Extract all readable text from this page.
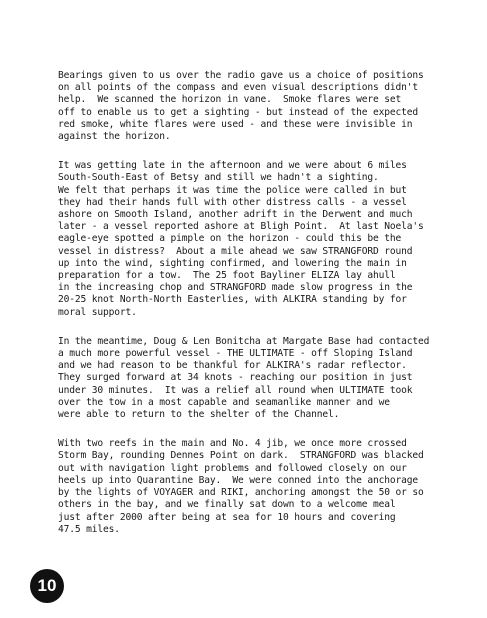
Bearings given to us over the radio gave us a choice of positions
on all points of the compass and even visual descriptions didn't
help.  We scanned the horizon in vane.  Smoke flares were set
off to enable us to get a sighting - but instead of the expected
red smoke, white flares were used - and these were invisible in
against the horizon.
It was getting late in the afternoon and we were about 6 miles
South-South-East of Betsy and still we hadn't a sighting.
We felt that perhaps it was time the police were called in but
they had their hands full with other distress calls - a vessel
ashore on Smooth Island, another adrift in the Derwent and much
later - a vessel reported ashore at Bligh Point.  At last Noela's
eagle-eye spotted a pimple on the horizon - could this be the
vessel in distress?  About a mile ahead we saw STRANGFORD round
up into the wind, sighting confirmed, and lowering the main in
preparation for a tow.  The 25 foot Bayliner ELIZA lay ahull
in the increasing chop and STRANGFORD made slow progress in the
20-25 knot North-North Easterlies, with ALKIRA standing by for
moral support.
In the meantime, Doug & Len Bonitcha at Margate Base had contacted
a much more powerful vessel - THE ULTIMATE - off Sloping Island
and we had reason to be thankful for ALKIRA's radar reflector.
They surged forward at 34 knots - reaching our position in just
under 30 minutes.  It was a relief all round when ULTIMATE took
over the tow in a most capable and seamanlike manner and we
were able to return to the shelter of the Channel.
With two reefs in the main and No. 4 jib, we once more crossed
Storm Bay, rounding Dennes Point on dark.  STRANGFORD was blacked
out with navigation light problems and followed closely on our
heels up into Quarantine Bay.  We were conned into the anchorage
by the lights of VOYAGER and RIKI, anchoring amongst the 50 or so
others in the bay, and we finally sat down to a welcome meal
just after 2000 after being at sea for 10 hours and covering
47.5 miles.
10
